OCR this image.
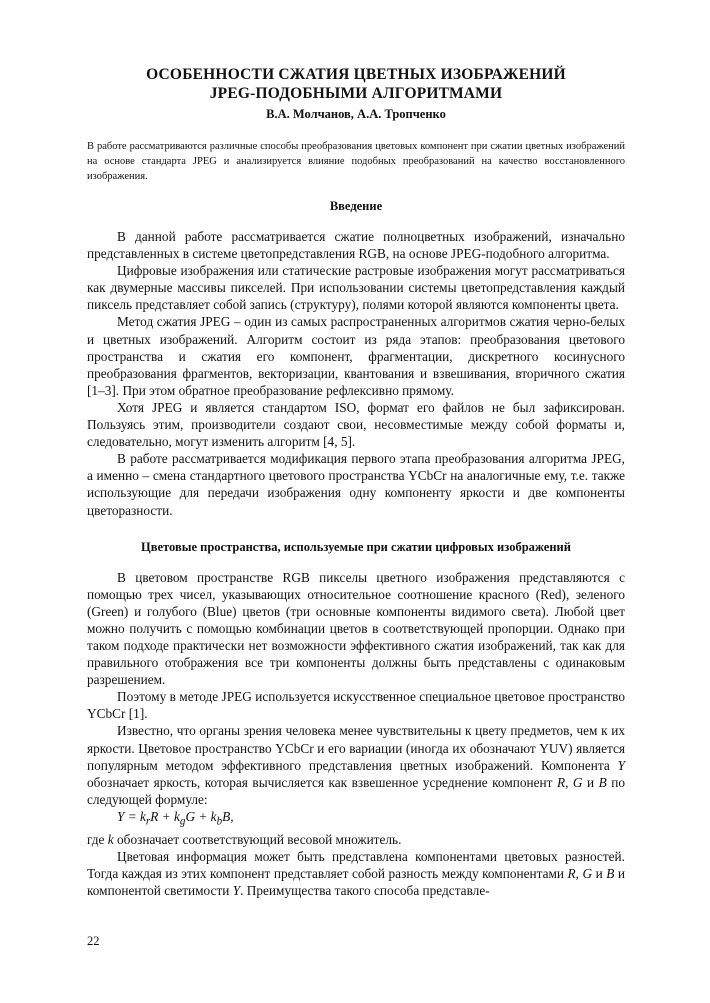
ОСОБЕННОСТИ СЖАТИЯ ЦВЕТНЫХ ИЗОБРАЖЕНИЙ
JPEG-ПОДОБНЫМИ АЛГОРИТМАМИ
В.А. Молчанов, А.А. Тропченко
В работе рассматриваются различные способы преобразования цветовых компонент при сжатии цветных изображений на основе стандарта JPEG и анализируется влияние подобных преобразований на качество восстановленного изображения.
Введение

В данной работе рассматривается сжатие полноцветных изображений, изначально представленных в системе цветопредставления RGB, на основе JPEG-подобного алгоритма.

Цифровые изображения или статические растровые изображения могут рассматриваться как двумерные массивы пикселей. При использовании системы цветопредставления каждый пиксель представляет собой запись (структуру), полями которой являются компоненты цвета.

Метод сжатия JPEG – один из самых распространенных алгоритмов сжатия черно-белых и цветных изображений. Алгоритм состоит из ряда этапов: преобразования цветового пространства и сжатия его компонент, фрагментации, дискретного косинусного преобразования фрагментов, векторизации, квантования и взвешивания, вторичного сжатия [1–3]. При этом обратное преобразование рефлексивно прямому.

Хотя JPEG и является стандартом ISO, формат его файлов не был зафиксирован. Пользуясь этим, производители создают свои, несовместимые между собой форматы и, следовательно, могут изменить алгоритм [4, 5].

В работе рассматривается модификация первого этапа преобразования алгоритма JPEG, а именно – смена стандартного цветового пространства YCbCr на аналогичные ему, т.е. также использующие для передачи изображения одну компоненту яркости и две компоненты цветоразности.

Цветовые пространства, используемые при сжатии цифровых изображений

В цветовом пространстве RGB пикселы цветного изображения представляются с помощью трех чисел, указывающих относительное соотношение красного (Red), зеленого (Green) и голубого (Blue) цветов (три основные компоненты видимого света). Любой цвет можно получить с помощью комбинации цветов в соответствующей пропорции. Однако при таком подходе практически нет возможности эффективного сжатия изображений, так как для правильного отображения все три компоненты должны быть представлены с одинаковым разрешением.

Поэтому в методе JPEG используется искусственное специальное цветовое пространство YCbCr [1].

Известно, что органы зрения человека менее чувствительны к цвету предметов, чем к их яркости. Цветовое пространство YCbCr и его вариации (иногда их обозначают YUV) является популярным методом эффективного представления цветных изображений. Компонента Y обозначает яркость, которая вычисляется как взвешенное усреднение компонент R, G и B по следующей формуле:

$Y = k_rR + k_gG + k_bB$,

где k обозначает соответствующий весовой множитель.

Цветовая информация может быть представлена компонентами цветовых разностей. Тогда каждая из этих компонент представляет собой разность между компонентами R, G и B и компонентой светимости Y. Преимущества такого способа представле-

22
